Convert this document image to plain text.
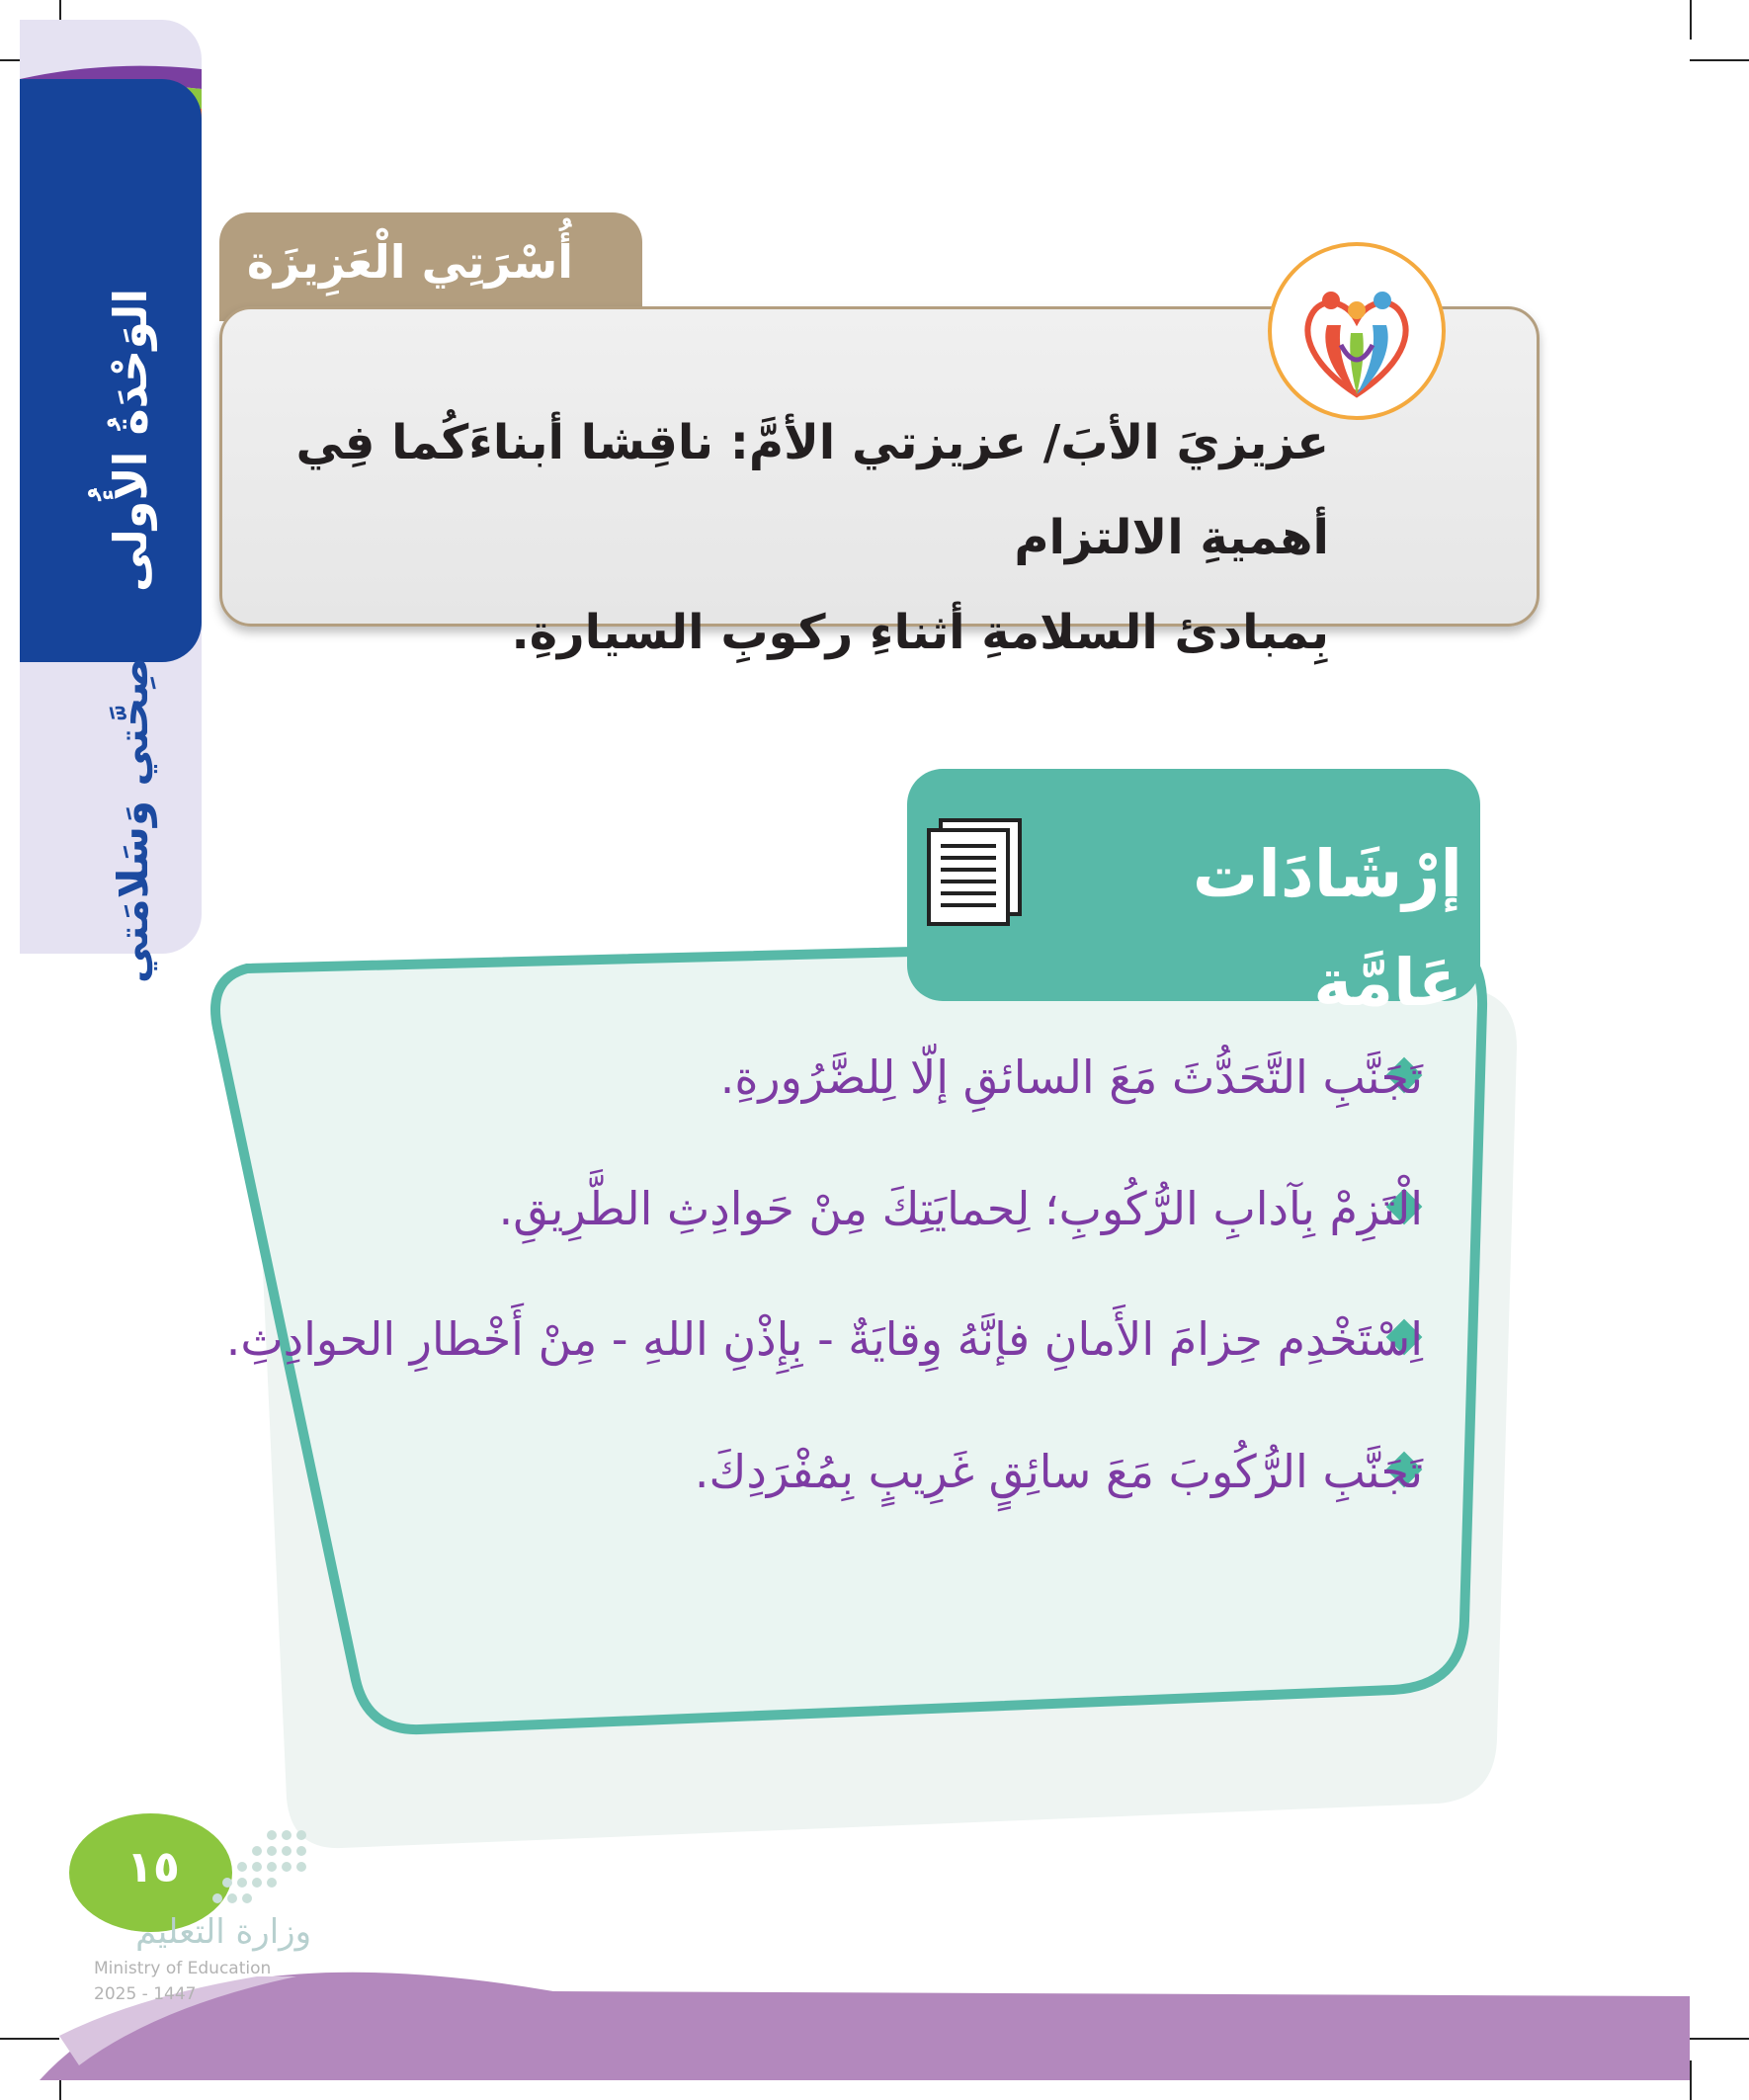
الوَحْدَةُ الأُولى
صِحَّتي وَسَلامَتي
أُسْرَتِي الْعَزِيزَة
عزيزيَ الأبَ/ عزيزتي الأمَّ: ناقِشا أبناءَكُما فِي أهميةِ الالتزام
بِمبادئ السلامةِ أثناءِ ركوبِ السيارةِ.
إرْشَادَات عَامَّة
تَجَنَّبِ التَّحَدُّثَ مَعَ السائقِ إلّا لِلضَّرُورةِ.
الْتَزِمْ بِآدابِ الرُّكُوبِ؛ لِحمايَتِكَ مِنْ حَوادِثِ الطَّرِيقِ.
اِسْتَخْدِم حِزامَ الأَمانِ فإنَّهُ وِقايَةٌ - بِإِذْنِ اللهِ - مِنْ أَخْطارِ الحوادِثِ.
تَجَنَّبِ الرُّكُوبَ مَعَ سائِقٍ غَرِيبٍ بِمُفْرَدِكَ.
١٥
وزارة التعليم
Ministry of Education
2025 - 1447
